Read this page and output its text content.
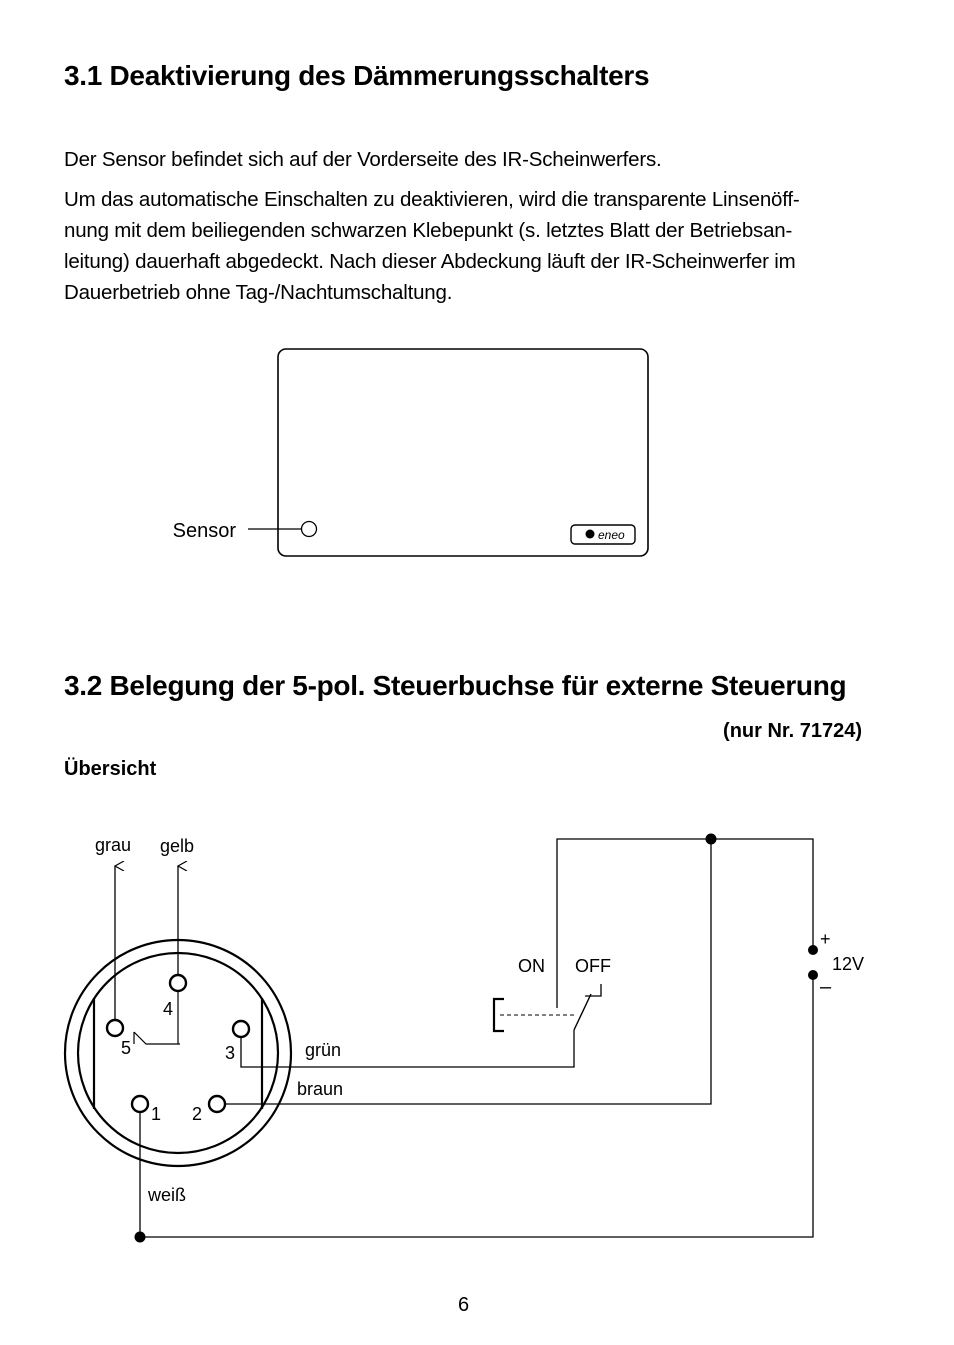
3.1 Deaktivierung des Dämmerungsschalters

Der Sensor befindet sich auf der Vorderseite des IR-Scheinwerfers.

Um das automatische Einschalten zu deaktivieren, wird die transparente Linsenöff-
nung mit dem beiliegenden schwarzen Klebepunkt (s. letztes Blatt der Betriebsan-
leitung) dauerhaft abgedeckt. Nach dieser Abdeckung läuft der IR-Scheinwerfer im
Dauerbetrieb ohne Tag-/Nachtumschaltung.
Sensor	eneo
3.2 Belegung der 5-pol. Steuerbuchse für externe Steuerung
(nur Nr. 71724)
Übersicht
4
5	3
1 2
grau gelb
grün
braun
weiß
+
–
12V
ON OFF
6
